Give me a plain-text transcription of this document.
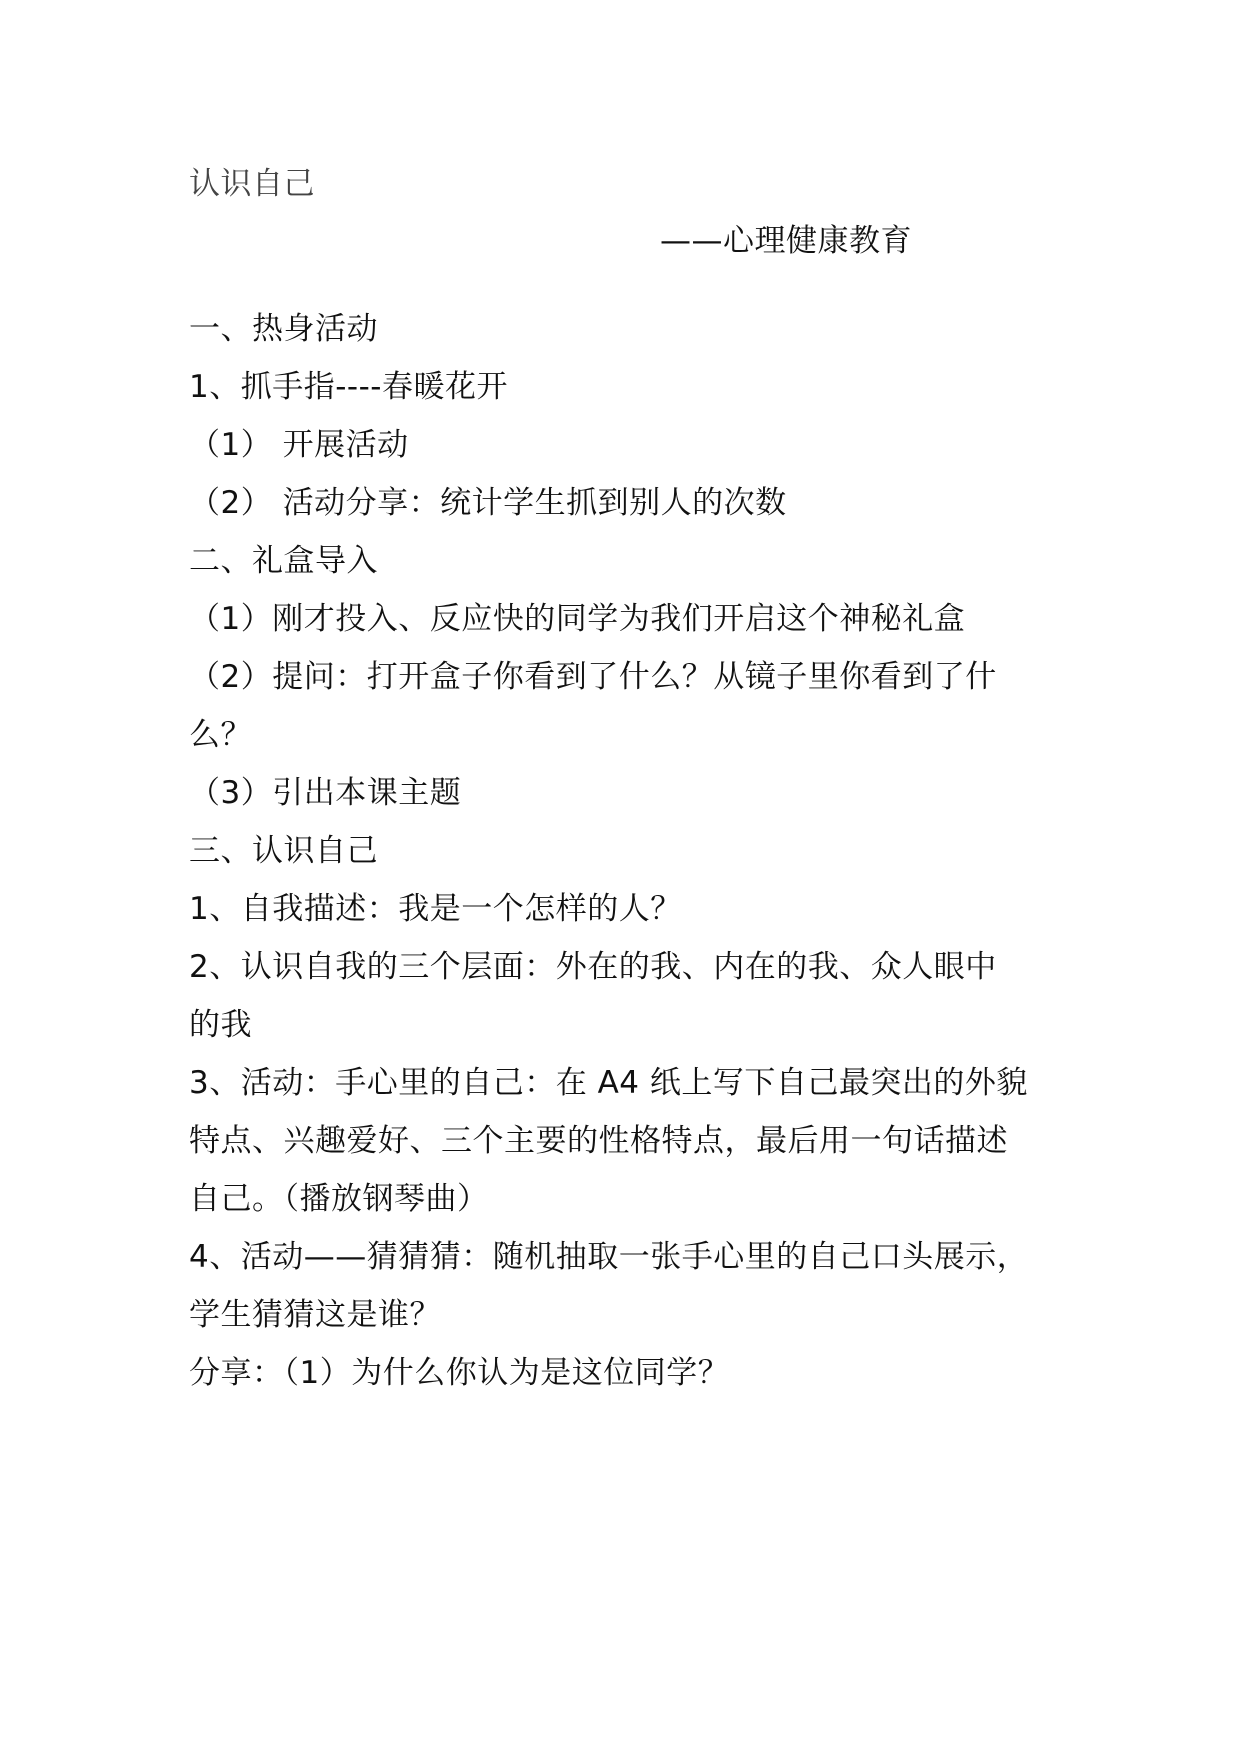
认识自己
——心理健康教育
一、热身活动
1、抓手指----春暖花开
（1） 开展活动
（2） 活动分享：统计学生抓到别人的次数
二、礼盒导入
（1）刚才投入、反应快的同学为我们开启这个神秘礼盒
（2）提问：打开盒子你看到了什么？从镜子里你看到了什
么？
（3）引出本课主题
三、认识自己
1、自我描述：我是一个怎样的人？
2、认识自我的三个层面：外在的我、内在的我、众人眼中
的我
3、活动：手心里的自己：在 A4 纸上写下自己最突出的外貌
特点、兴趣爱好、三个主要的性格特点，最后用一句话描述
自己。（播放钢琴曲）
4、活动——猜猜猜：随机抽取一张手心里的自己口头展示，
学生猜猜这是谁？
分享：（1）为什么你认为是这位同学？
